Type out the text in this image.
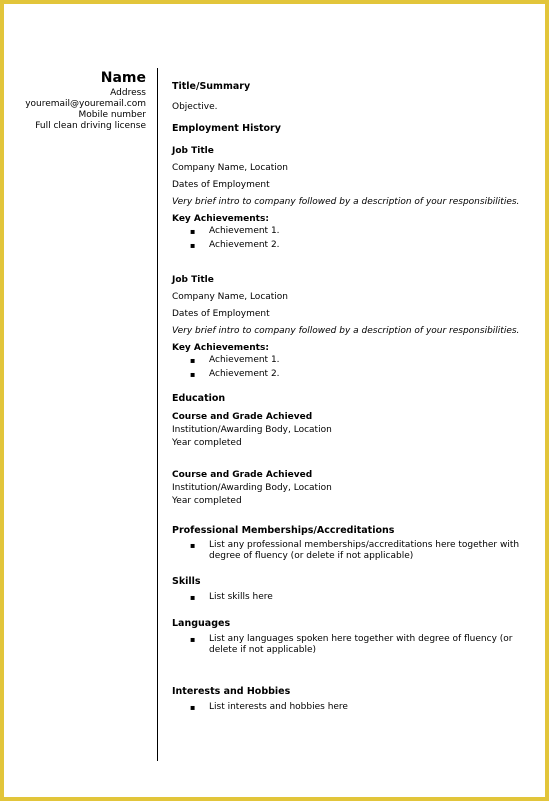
Name
Address
youremail@youremail.com
Mobile number
Full clean driving license
Title/Summary
Objective.
Employment History
Job Title
Company Name, Location
Dates of Employment
Very brief intro to company followed by a description of your responsibilities.
Key Achievements:
▪ Achievement 1.
▪ Achievement 2.
Job Title
Company Name, Location
Dates of Employment
Very brief intro to company followed by a description of your responsibilities.
Key Achievements:
▪ Achievement 1.
▪ Achievement 2.
Education
Course and Grade Achieved
Institution/Awarding Body, Location
Year completed
Course and Grade Achieved
Institution/Awarding Body, Location
Year completed
Professional Memberships/Accreditations
▪ List any professional memberships/accreditations here together with degree of fluency (or delete if not applicable)
Skills
▪ List skills here
Languages
▪ List any languages spoken here together with degree of fluency (or delete if not applicable)
Interests and Hobbies
▪ List interests and hobbies here
